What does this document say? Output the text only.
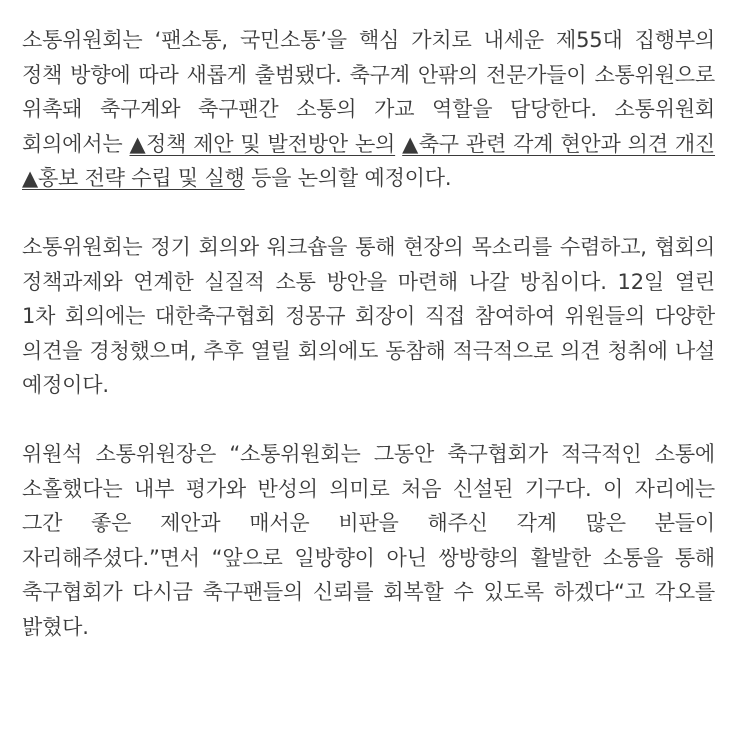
소통위원회는 ‘팬소통, 국민소통’을 핵심 가치로 내세운 제55대 집행부의 정책 방향에 따라 새롭게 출범됐다. 축구계 안팎의 전문가들이 소통위원으로 위촉돼 축구계와 축구팬간 소통의 가교 역할을 담당한다. 소통위원회 회의에서는 ▲정책 제안 및 발전방안 논의 ▲축구 관련 각계 현안과 의견 개진 ▲홍보 전략 수립 및 실행 등을 논의할 예정이다.

소통위원회는 정기 회의와 워크숍을 통해 현장의 목소리를 수렴하고, 협회의 정책과제와 연계한 실질적 소통 방안을 마련해 나갈 방침이다. 12일 열린 1차 회의에는 대한축구협회 정몽규 회장이 직접 참여하여 위원들의 다양한 의견을 경청했으며, 추후 열릴 회의에도 동참해 적극적으로 의견 청취에 나설 예정이다.

위원석 소통위원장은 “소통위원회는 그동안 축구협회가 적극적인 소통에 소홀했다는 내부 평가와 반성의 의미로 처음 신설된 기구다. 이 자리에는 그간 좋은 제안과 매서운 비판을 해주신 각계 많은 분들이 자리해주셨다.”면서 “앞으로 일방향이 아닌 쌍방향의 활발한 소통을 통해 축구협회가 다시금 축구팬들의 신뢰를 회복할 수 있도록 하겠다“고 각오를 밝혔다.
